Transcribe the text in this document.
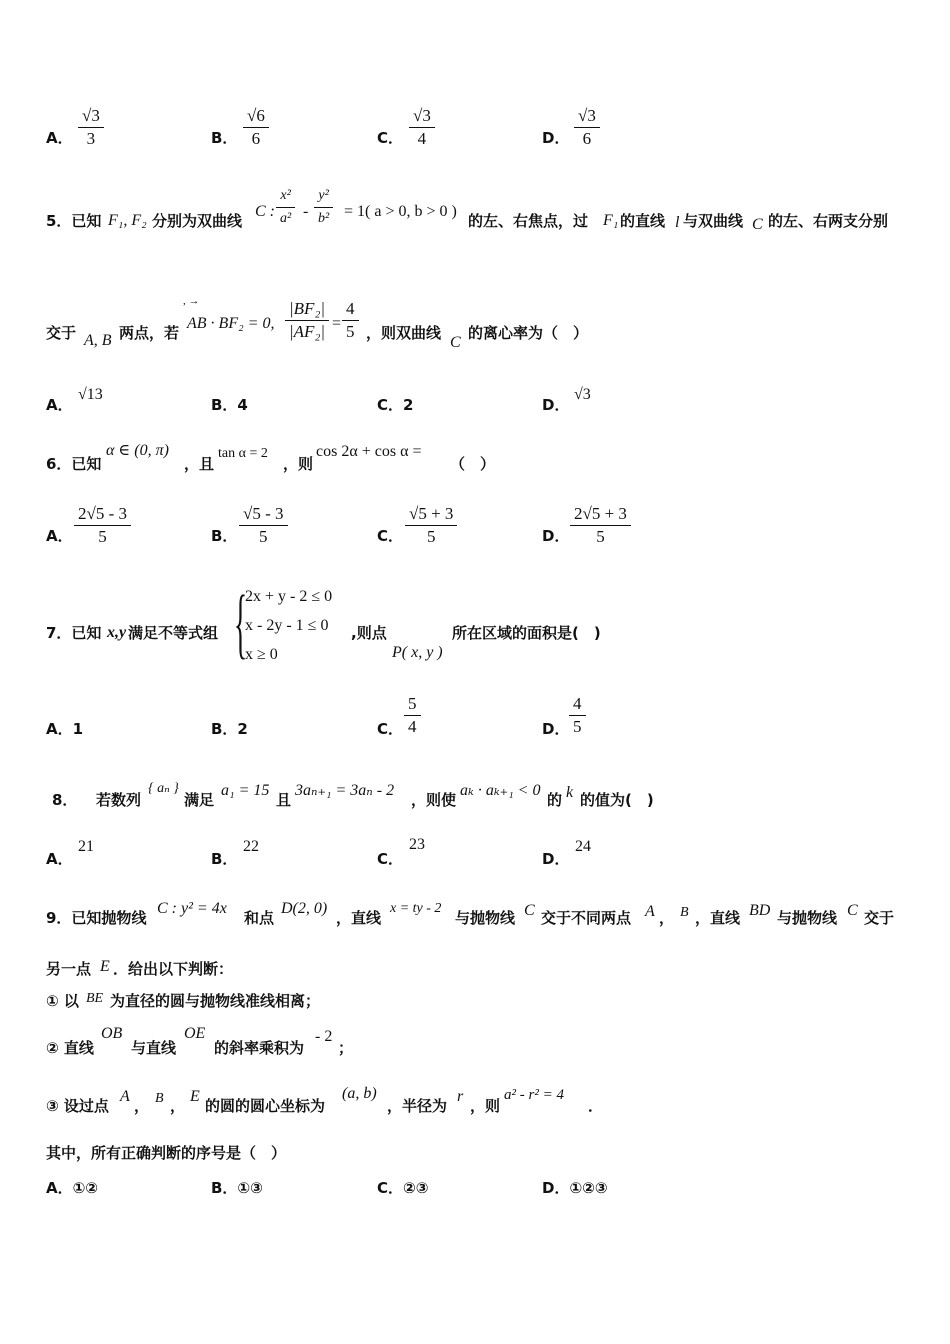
A． $\frac{√3}{3}$	B． $\frac{√6}{6}$	C． $\frac{√3}{4}$	D． $\frac{√3}{6}$
5．已知 F₁, F₂ 分别为双曲线
C : $\frac{\text{x²}}{\text{a²}} - \frac{\text{y²}}{\text{b²}} = 1$( a > 0, b > 0 )
的左、右焦点，过 F₁ 的直线 l 与双曲线 C 的左、右两支分别
交于 A, B 两点，若
, →
AB · BF₂ = 0, $\frac{\text{|BF₂|}}{\text{|AF₂|}} = \frac{4}{5}$ ，则双曲线
C
的离心率为（　）
A．
√13
B．4	C．2	D．
√3
6．已知
α ∈ (0, π)
，且
tan α = 2
，则
cos 2α + cos α =
（　）
A． $\frac{2√5 - 3}{5}$	B． $\frac{√5 - 3}{5}$	C． $\frac{√5 + 3}{5}$	D． $\frac{2√5 + 3}{5}$
7．已知 x,y 满足不等式组 {
2x + y - 2 ≤ 0
x - 2y - 1 ≤ 0
x ≥ 0
,则点
P( x, y )
所在区域的面积是(　)
A．1	B．2	C． $\frac{5}{4}$	D． $\frac{4}{5}$
8． 若数列
{ aₙ }
满足
a₁ = 15
且
3aₙ₊₁ = 3aₙ - 2
，则使
aₖ · aₖ₊₁ < 0
的 k 的值为(　)
A．
21
B．
22
C．
23
D．
24
9．已知抛物线
C : y² = 4x
和点
D(2, 0)
，直线
x = ty - 2
与抛物线 C 交于不同两点 A ， B ，直线 BD 与抛物线 C 交于
另一点 E ．给出以下判断：
① 以 BE 为直径的圆与抛物线准线相离；
② 直线
OB
与直线
OE
的斜率乘积为
- 2
；
③ 设过点
A
， B ，
E
的圆的圆心坐标为
(a, b)
，半径为
r
，则
a² - r² = 4
．
其中，所有正确判断的序号是（　）
A．①②	B．①③	C．②③	D．①②③
